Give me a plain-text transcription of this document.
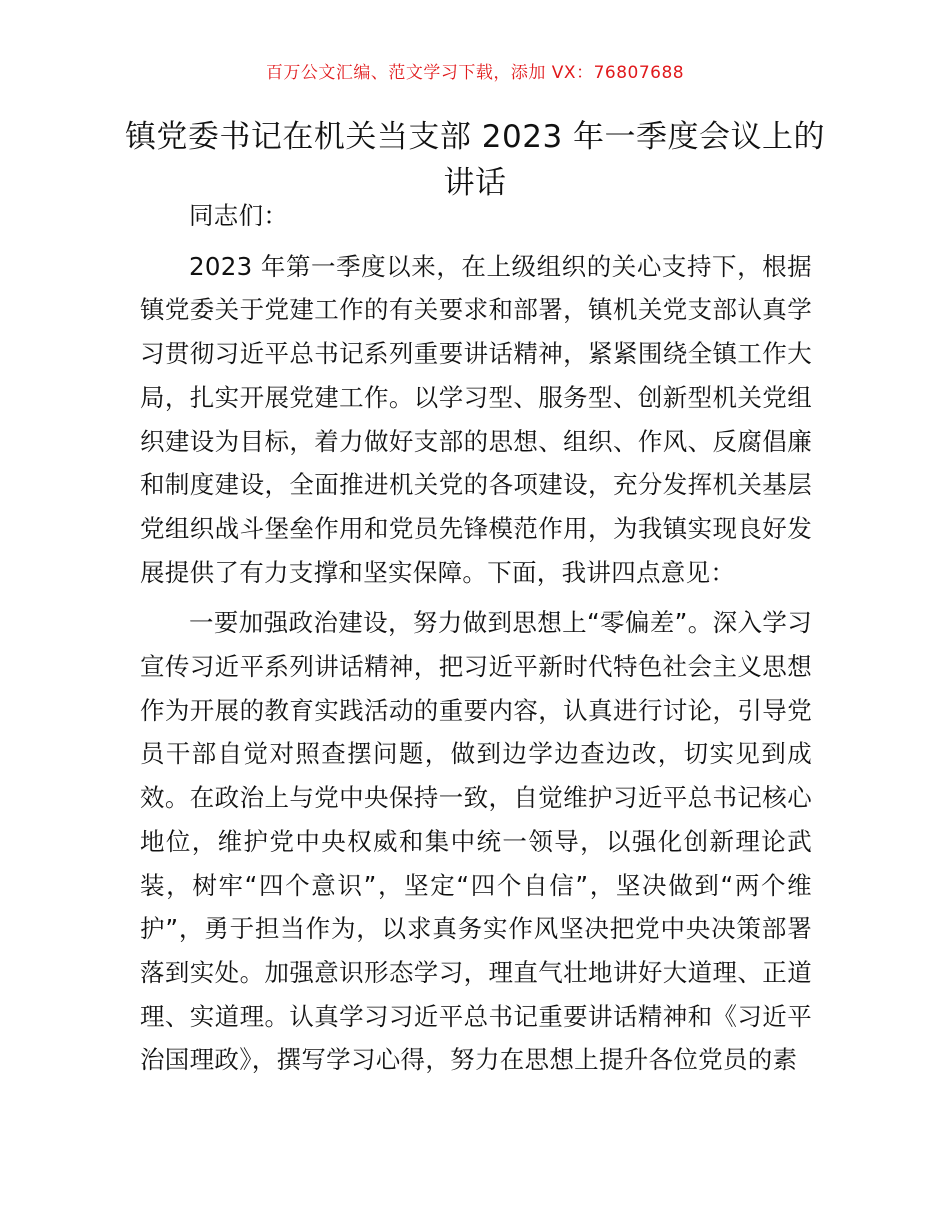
百万公文汇编、范文学习下载，添加 VX：76807688
镇党委书记在机关当支部 2023 年一季度会议上的讲话

同志们：

2023 年第一季度以来，在上级组织的关心支持下，根据镇党委关于党建工作的有关要求和部署，镇机关党支部认真学习贯彻习近平总书记系列重要讲话精神，紧紧围绕全镇工作大局，扎实开展党建工作。以学习型、服务型、创新型机关党组织建设为目标，着力做好支部的思想、组织、作风、反腐倡廉和制度建设，全面推进机关党的各项建设，充分发挥机关基层党组织战斗堡垒作用和党员先锋模范作用，为我镇实现良好发展提供了有力支撑和坚实保障。下面，我讲四点意见：

一要加强政治建设，努力做到思想上“零偏差”。深入学习宣传习近平系列讲话精神，把习近平新时代特色社会主义思想作为开展的教育实践活动的重要内容，认真进行讨论，引导党员干部自觉对照查摆问题，做到边学边查边改，切实见到成效。在政治上与党中央保持一致，自觉维护习近平总书记核心地位，维护党中央权威和集中统一领导，以强化创新理论武装，树牢“四个意识”，坚定“四个自信”，坚决做到“两个维护”，勇于担当作为，以求真务实作风坚决把党中央决策部署落到实处。加强意识形态学习，理直气壮地讲好大道理、正道理、实道理。认真学习习近平总书记重要讲话精神和《习近平治国理政》，撰写学习心得，努力在思想上提升各位党员的素
